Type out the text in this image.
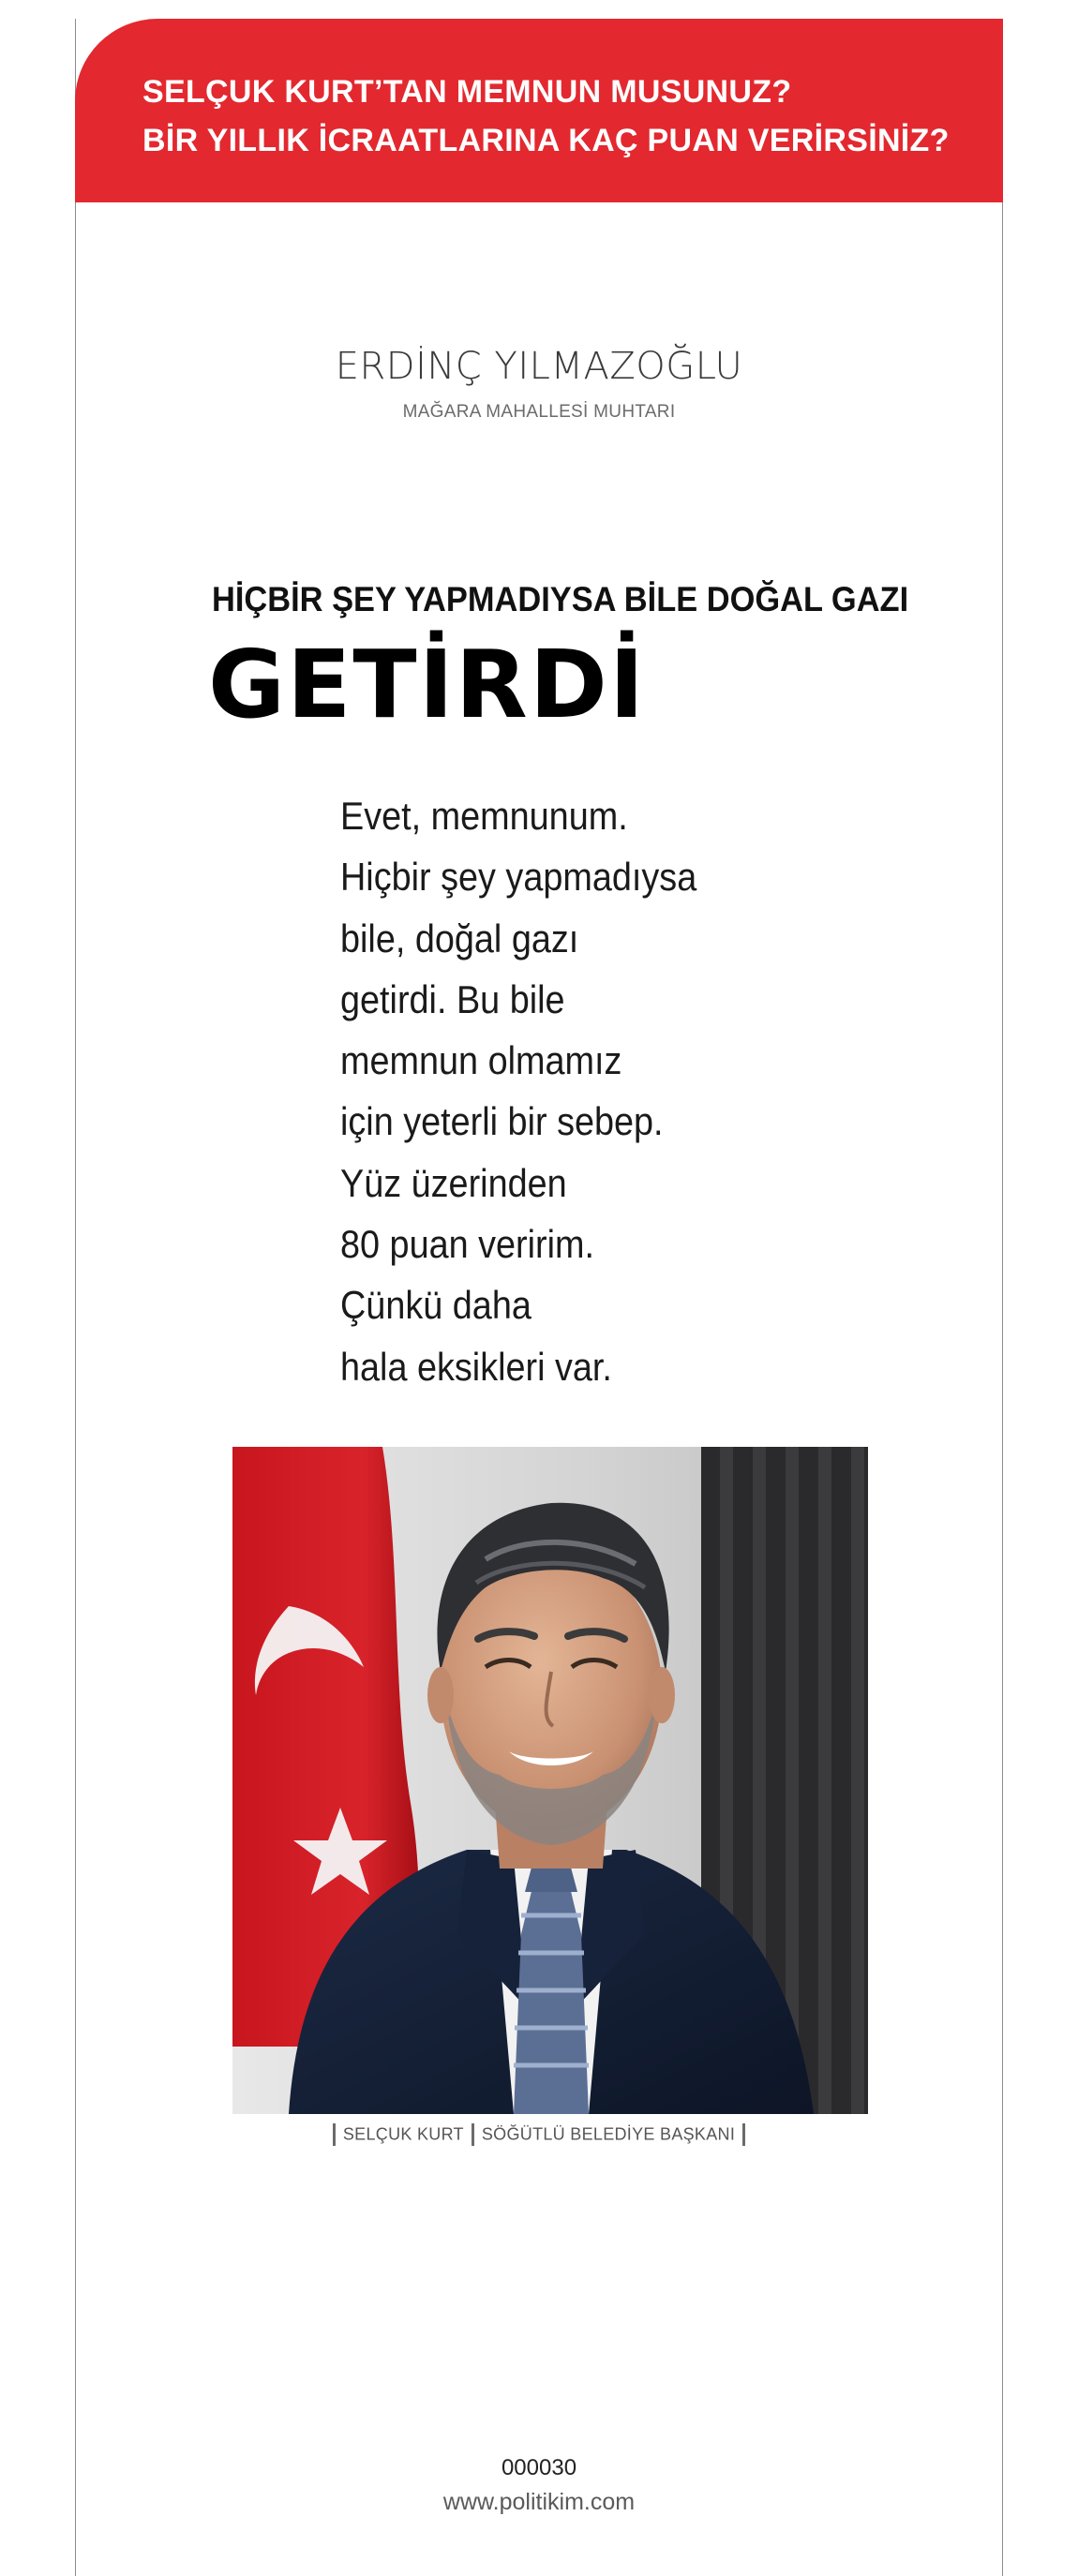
SELÇUK KURT’TAN MEMNUN MUSUNUZ?
BİR YILLIK İCRAATLARINA KAÇ PUAN VERİRSİNİZ?
ERDİNÇ YILMAZOĞLU
MAĞARA MAHALLESİ MUHTARI
HİÇBİR ŞEY YAPMADIYSA BİLE DOĞAL GAZI
GETİRDİ
Evet, memnunum.
Hiçbir şey yapmadıysa
bile, doğal gazı
getirdi. Bu bile
memnun olmamız
için yeterli bir sebep.
Yüz üzerinden
80 puan veririm.
Çünkü daha
hala eksikleri var.
SELÇUK KURT SÖĞÜTLÜ BELEDİYE BAŞKANI
000030
www.politikim.com
